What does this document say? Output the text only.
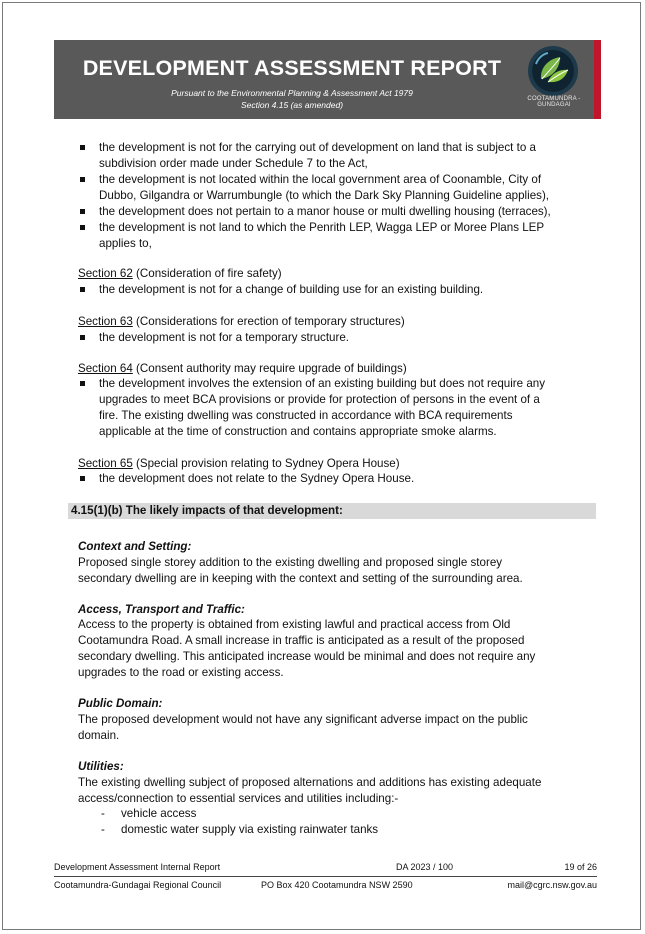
DEVELOPMENT ASSESSMENT REPORT
Pursuant to the Environmental Planning & Assessment Act 1979
Section 4.15 (as amended)
COOTAMUNDRA -
GUNDAGAI
the development is not for the carrying out of development on land that is subject to a
subdivision order made under Schedule 7 to the Act,
the development is not located within the local government area of Coonamble, City of
Dubbo, Gilgandra or Warrumbungle (to which the Dark Sky Planning Guideline applies),
the development does not pertain to a manor house or multi dwelling housing (terraces),
the development is not land to which the Penrith LEP, Wagga LEP or Moree Plans LEP
applies to,
Section 62 (Consideration of fire safety)
the development is not for a change of building use for an existing building.
Section 63 (Considerations for erection of temporary structures)
the development is not for a temporary structure.
Section 64 (Consent authority may require upgrade of buildings)
the development involves the extension of an existing building but does not require any
upgrades to meet BCA provisions or provide for protection of persons in the event of a
fire. The existing dwelling was constructed in accordance with BCA requirements
applicable at the time of construction and contains appropriate smoke alarms.
Section 65 (Special provision relating to Sydney Opera House)
the development does not relate to the Sydney Opera House.
4.15(1)(b) The likely impacts of that development:
Context and Setting:
Proposed single storey addition to the existing dwelling and proposed single storey
secondary dwelling are in keeping with the context and setting of the surrounding area.
Access, Transport and Traffic:
Access to the property is obtained from existing lawful and practical access from Old
Cootamundra Road. A small increase in traffic is anticipated as a result of the proposed
secondary dwelling. This anticipated increase would be minimal and does not require any
upgrades to the road or existing access.
Public Domain:
The proposed development would not have any significant adverse impact on the public
domain.
Utilities:
The existing dwelling subject of proposed alternations and additions has existing adequate
access/connection to essential services and utilities including:-
- vehicle access
- domestic water supply via existing rainwater tanks
Development Assessment Internal Report	DA 2023 / 100	19 of 26
Cootamundra-Gundagai Regional Council	PO Box 420 Cootamundra NSW 2590	mail@cgrc.nsw.gov.au
